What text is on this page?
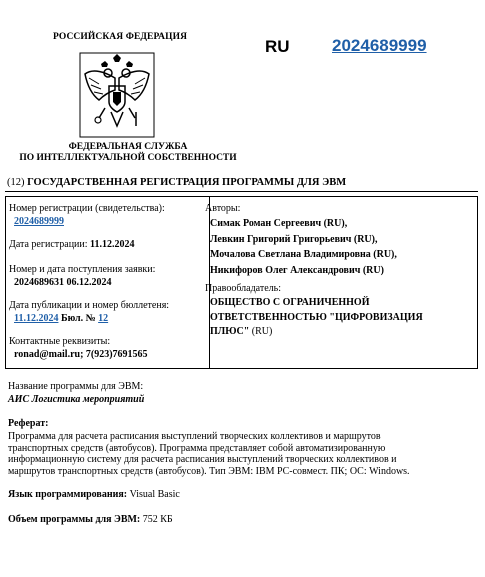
РОССИЙСКАЯ ФЕДЕРАЦИЯ
ФЕДЕРАЛЬНАЯ СЛУЖБА
ПО ИНТЕЛЛЕКТУАЛЬНОЙ СОБСТВЕННОСТИ
RU 2024689999
(12) ГОСУДАРСТВЕННАЯ РЕГИСТРАЦИЯ ПРОГРАММЫ ДЛЯ ЭВМ
Номер регистрации (свидетельства):
2024689999
Дата регистрации: 11.12.2024
Номер и дата поступления заявки:
2024689631 06.12.2024
Дата публикации и номер бюллетеня:
11.12.2024 Бюл. № 12
Контактные реквизиты:
ronad@mail.ru; 7(923)7691565
Авторы:
Симак Роман Сергеевич (RU),
Левкин Григорий Григорьевич (RU),
Мочалова Светлана Владимировна (RU),
Никифоров Олег Александрович (RU)
Правообладатель:
ОБЩЕСТВО С ОГРАНИЧЕННОЙ
ОТВЕТСТВЕННОСТЬЮ "ЦИФРОВИЗАЦИЯ
ПЛЮС" (RU)
Название программы для ЭВМ:
АИС Логистика мероприятий
Реферат:
Программа для расчета расписания выступлений творческих коллективов и маршрутов
транспортных средств (автобусов). Программа представляет собой автоматизированную
информационную систему для расчета расписания выступлений творческих коллективов и
маршрутов транспортных средств (автобусов). Тип ЭВМ: IBM PC-совмест. ПК; ОС: Windows.
Язык программирования: Visual Basic
Объем программы для ЭВМ: 752 КБ
